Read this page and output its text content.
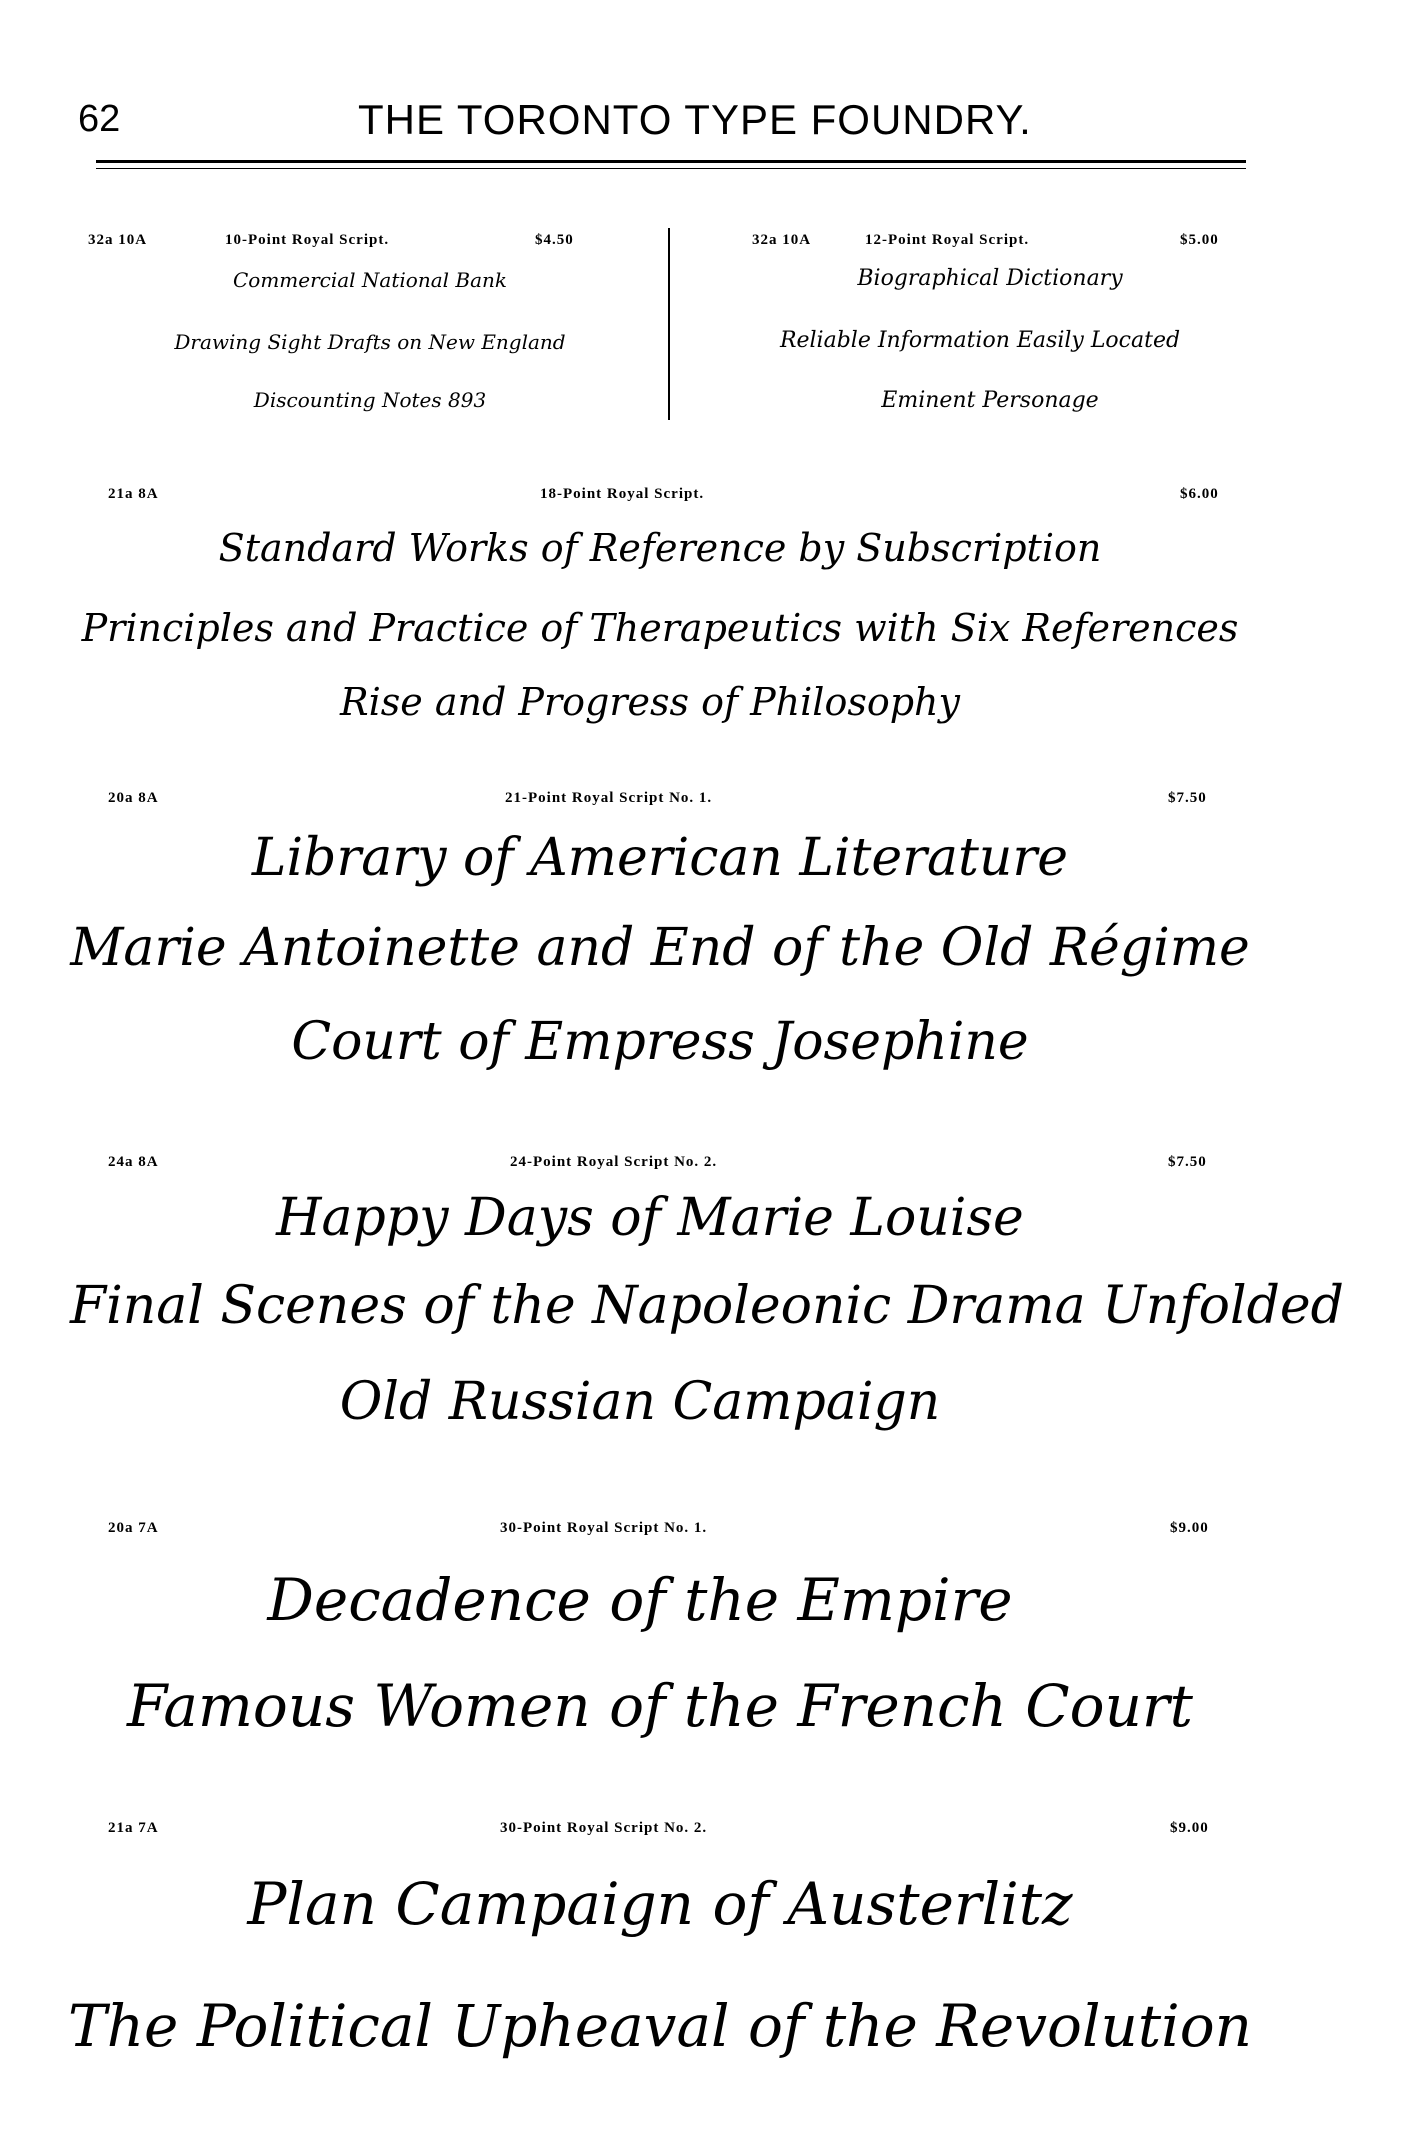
62	THE TORONTO TYPE FOUNDRY.
32a 10A	10-Point Royal Script.	$4.50
Commercial National Bank
Drawing Sight Drafts on New England
Discounting Notes 893
32a 10A	12-Point Royal Script.	$5.00
Biographical Dictionary
Reliable Information Easily Located
Eminent Personage
21a 8A	18-Point Royal Script.	$6.00
Standard Works of Reference by Subscription
Principles and Practice of Therapeutics with Six References
Rise and Progress of Philosophy
20a 8A	21-Point Royal Script No. 1.	$7.50
Library of American Literature
Marie Antoinette and End of the Old Régime
Court of Empress Josephine
24a 8A	24-Point Royal Script No. 2.	$7.50
Happy Days of Marie Louise
Final Scenes of the Napoleonic Drama Unfolded
Old Russian Campaign
20a 7A	30-Point Royal Script No. 1.	$9.00
Decadence of the Empire
Famous Women of the French Court
21a 7A	30-Point Royal Script No. 2.	$9.00
Plan Campaign of Austerlitz
The Political Upheaval of the Revolution
